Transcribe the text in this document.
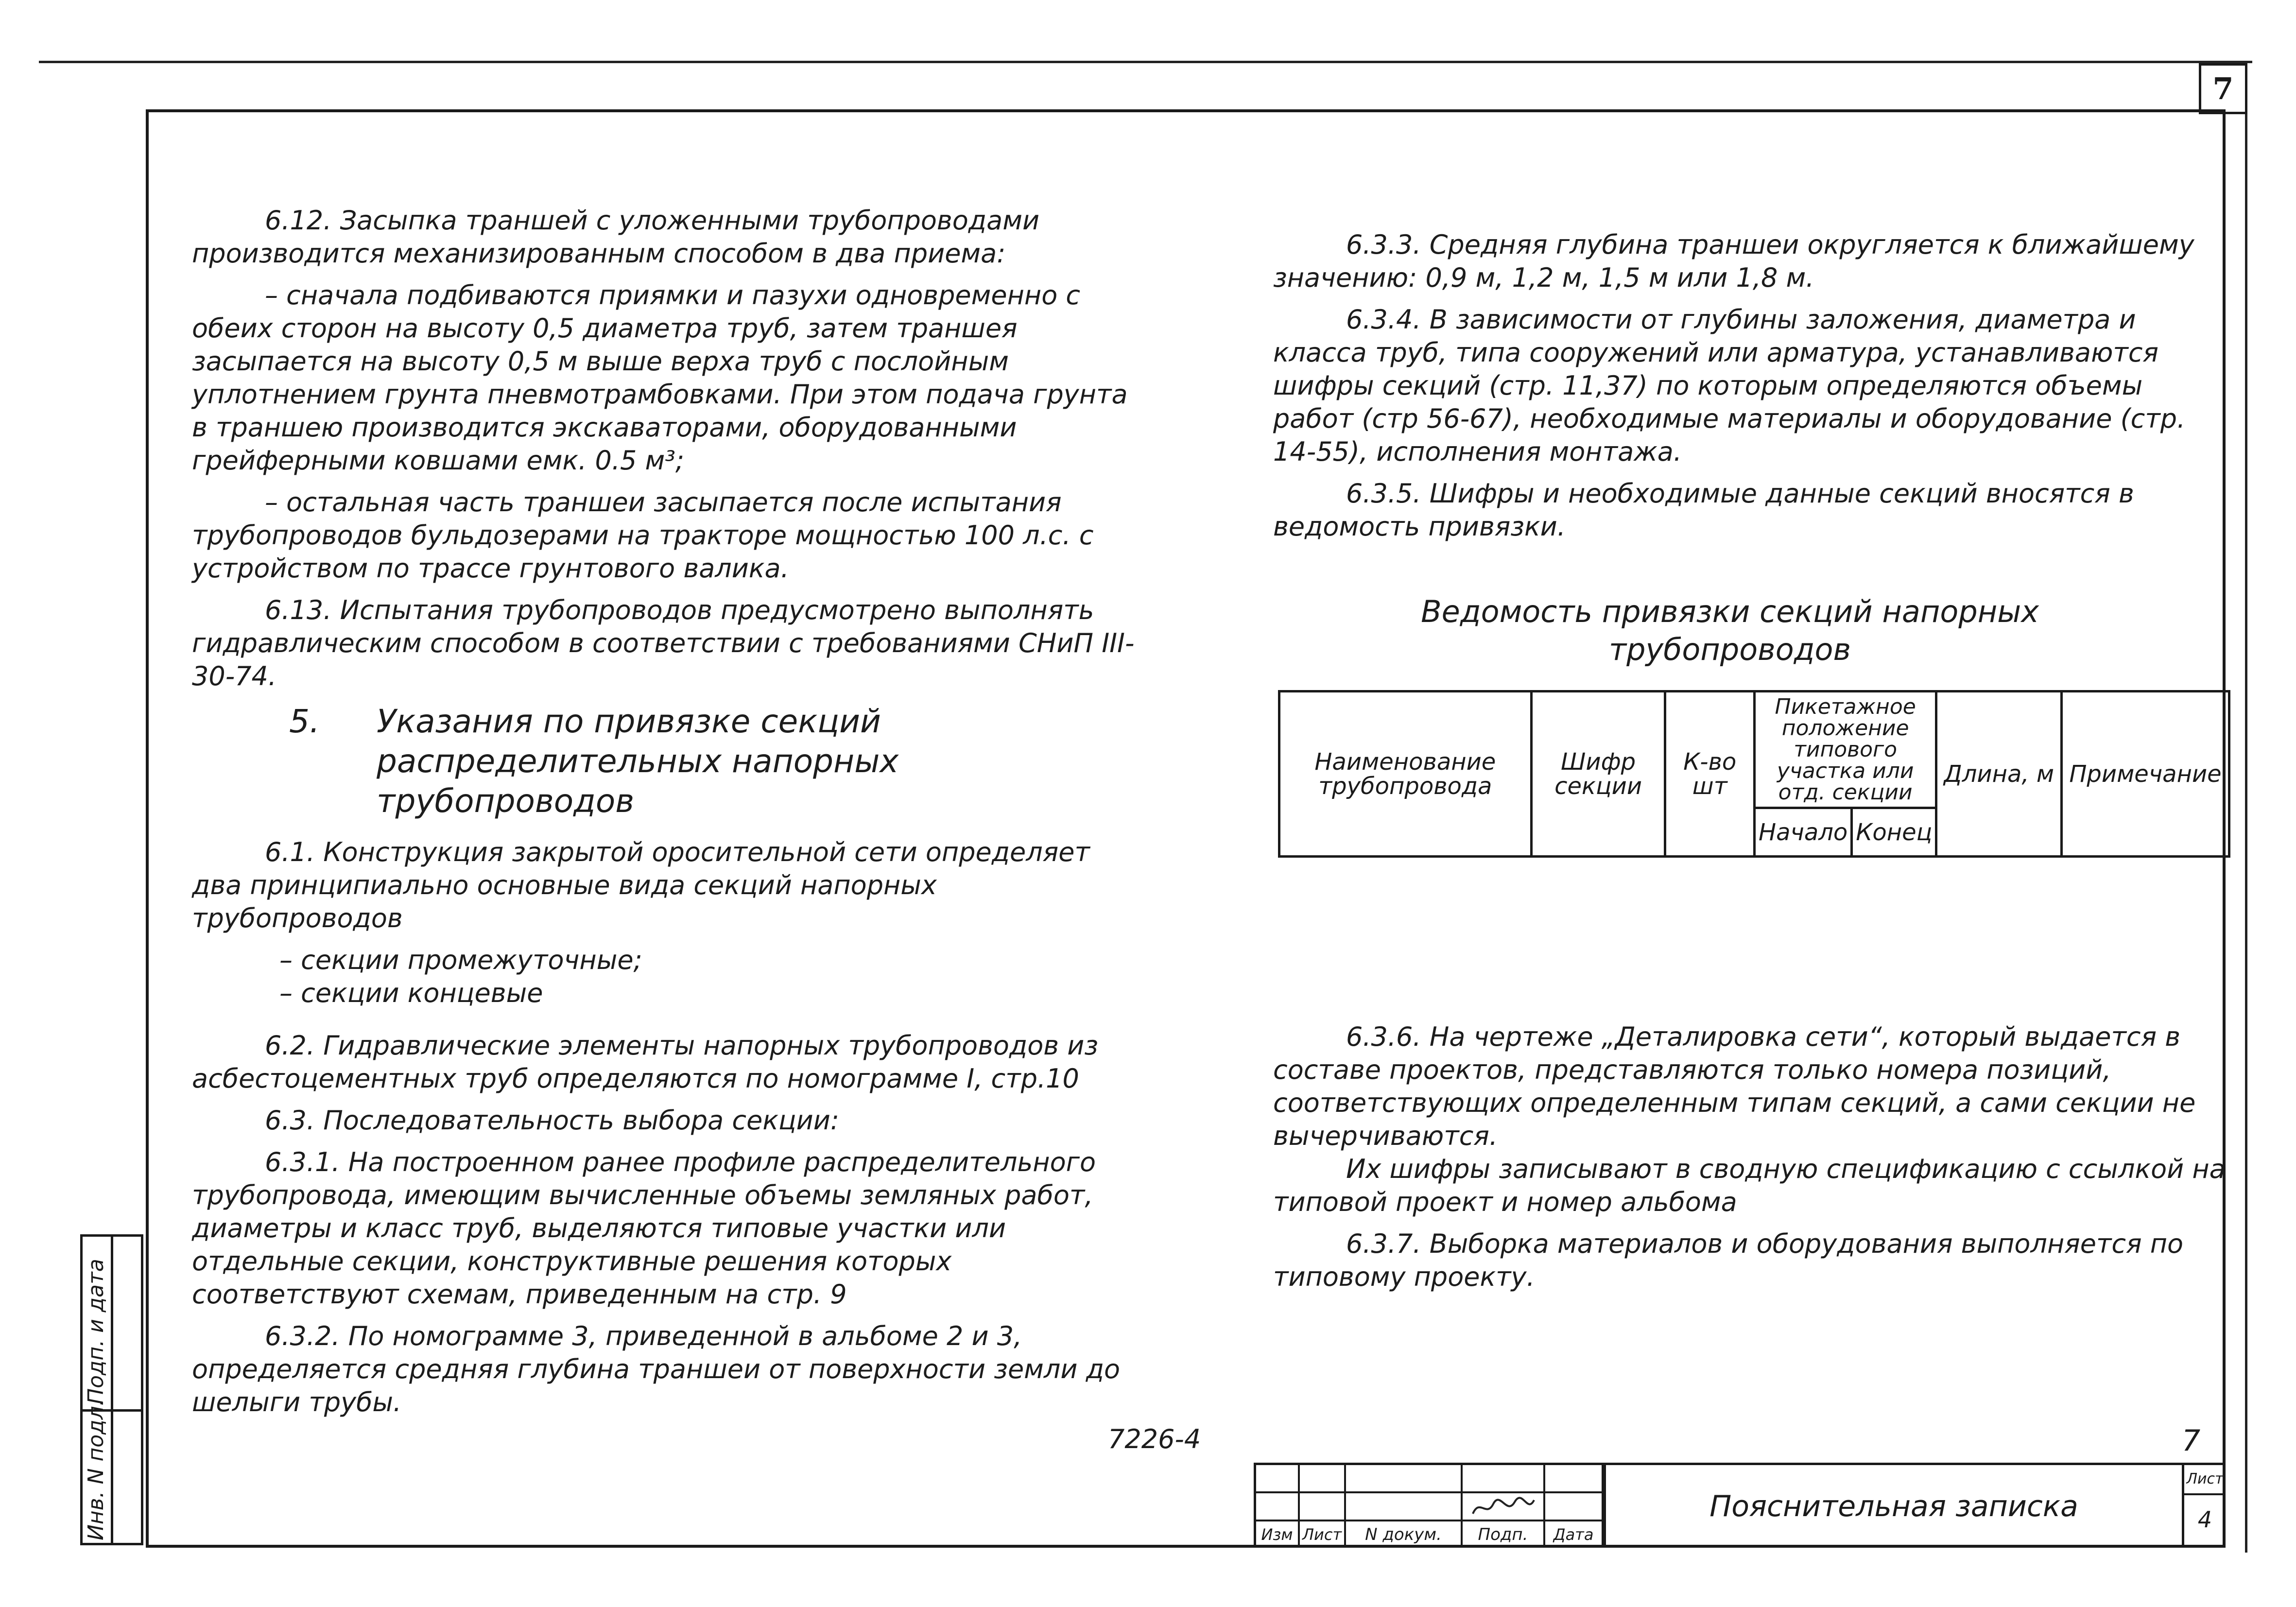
7
Инв. N подл.
Подп. и дата

6.12. Засыпка траншей с уложенными трубопроводами производится механизированным способом в два приема:

– сначала подбиваются приямки и пазухи одновременно с обеих сторон на высоту 0,5 диаметра труб, затем траншея засыпается на высоту 0,5 м выше верха труб с послойным уплотнением грунта пневмотрамбовками. При этом подача грунта в траншею производится экскаваторами, оборудованными грейферными ковшами емк. 0.5 м³;

– остальная часть траншеи засыпается после испытания трубопроводов бульдозерами на тракторе мощностью 100 л.с. с устройством по трассе грунтового валика.

6.13. Испытания трубопроводов предусмотрено выполнять гидравлическим способом в соответствии с требованиями СНиП III-30-74.

5.	Указания по привязке секций распределительных напорных трубопроводов

6.1. Конструкция закрытой оросительной сети определяет два принципиально основные вида секций напорных трубопроводов

– секции промежуточные;

– секции концевые

6.2. Гидравлические элементы напорных трубопроводов из асбестоцементных труб определяются по номограмме I, стр.10

6.3. Последовательность выбора секции:

6.3.1. На построенном ранее профиле распределительного трубопровода, имеющим вычисленные объемы земляных работ, диаметры и класс труб, выделяются типовые участки или отдельные секции, конструктивные решения которых соответствуют схемам, приведенным на стр. 9

6.3.2. По номограмме 3, приведенной в альбоме 2 и 3, определяется средняя глубина траншеи от поверхности земли до шелыги трубы.

6.3.3. Средняя глубина траншеи округляется к ближайшему значению: 0,9 м, 1,2 м, 1,5 м или 1,8 м.

6.3.4. В зависимости от глубины заложения, диаметра и класса труб, типа сооружений или арматура, устанавливаются шифры секций (стр. 11,37) по которым определяются объемы работ (стр 56-67), необходимые материалы и оборудование (стр. 14-55), исполнения монтажа.

6.3.5. Шифры и необходимые данные секций вносятся в ведомость привязки.

Ведомость привязки секций напорных трубопроводов
Наименование трубопровода	Шифр секции	К-во шт	Пикетажное положение типового участка или отд. секции		Длина, м	Примечание
			Начало	Конец		

6.3.6. На чертеже „Деталировка сети“, который выдается в составе проектов, представляются только номера позиций, соответствующих определенным типам секций, а сами секции не вычерчиваются.

Их шифры записывают в сводную спецификацию с ссылкой на типовой проект и номер альбома

6.3.7. Выборка материалов и оборудования выполняется по типовому проекту.

7226-4	7
Изм Лист	N докум.	Подп.	Дата
Пояснительная записка
Лист
4
